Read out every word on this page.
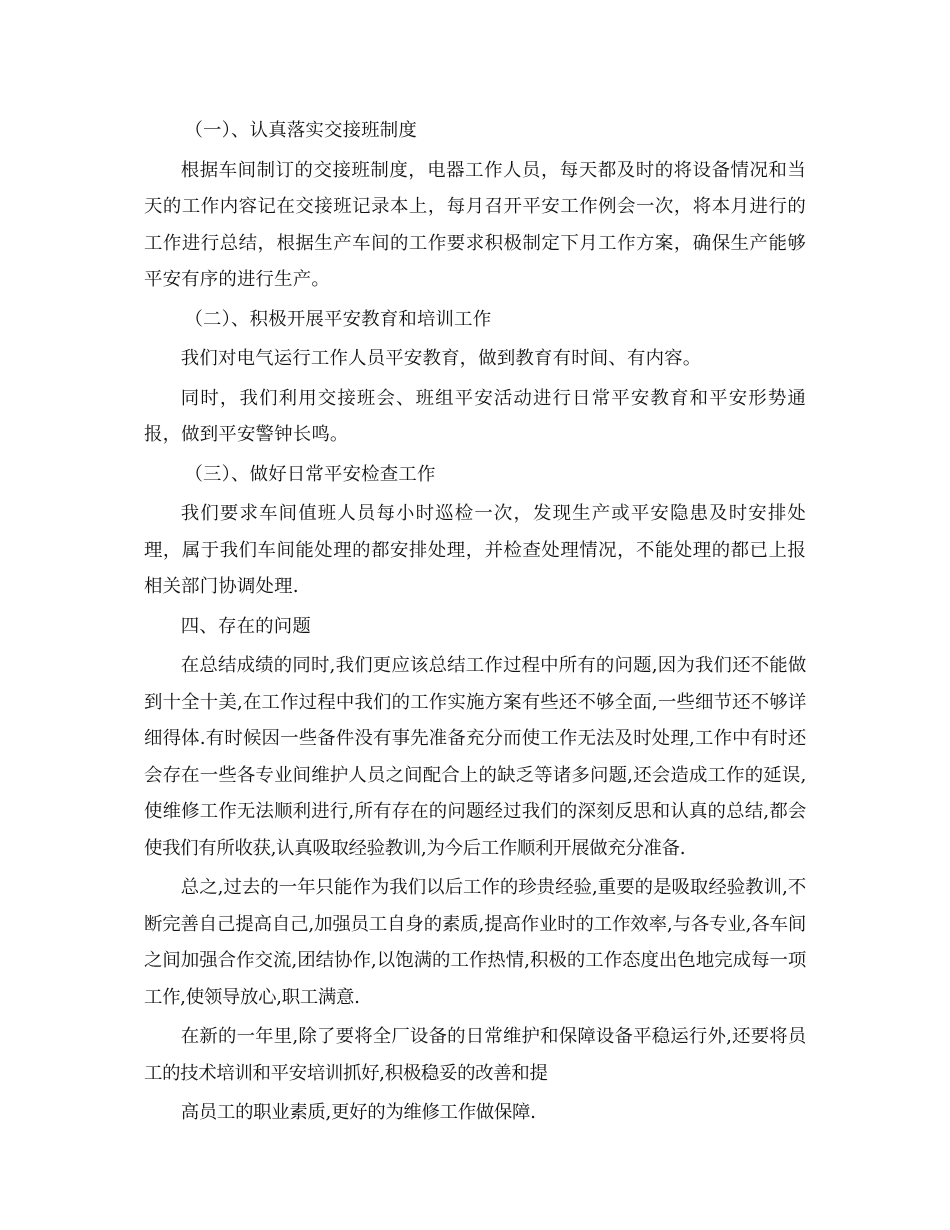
（一）、认真落实交接班制度

根据车间制订的交接班制度，电器工作人员，每天都及时的将设备情况和当天的工作内容记在交接班记录本上，每月召开平安工作例会一次，将本月进行的工作进行总结，根据生产车间的工作要求积极制定下月工作方案，确保生产能够平安有序的进行生产。

（二）、积极开展平安教育和培训工作

我们对电气运行工作人员平安教育，做到教育有时间、有内容。

同时，我们利用交接班会、班组平安活动进行日常平安教育和平安形势通报，做到平安警钟长鸣。

（三）、做好日常平安检查工作

我们要求车间值班人员每小时巡检一次，发现生产或平安隐患及时安排处理，属于我们车间能处理的都安排处理，并检查处理情况，不能处理的都已上报相关部门协调处理.

四、存在的问题

在总结成绩的同时,我们更应该总结工作过程中所有的问题,因为我们还不能做到十全十美,在工作过程中我们的工作实施方案有些还不够全面,一些细节还不够详细得体.有时候因一些备件没有事先准备充分而使工作无法及时处理,工作中有时还会存在一些各专业间维护人员之间配合上的缺乏等诸多问题,还会造成工作的延误,使维修工作无法顺利进行,所有存在的问题经过我们的深刻反思和认真的总结,都会使我们有所收获,认真吸取经验教训,为今后工作顺利开展做充分准备.

总之,过去的一年只能作为我们以后工作的珍贵经验,重要的是吸取经验教训,不断完善自己提高自己,加强员工自身的素质,提高作业时的工作效率,与各专业,各车间之间加强合作交流,团结协作,以饱满的工作热情,积极的工作态度出色地完成每一项工作,使领导放心,职工满意.

在新的一年里,除了要将全厂设备的日常维护和保障设备平稳运行外,还要将员工的技术培训和平安培训抓好,积极稳妥的改善和提

高员工的职业素质,更好的为维修工作做保障.
